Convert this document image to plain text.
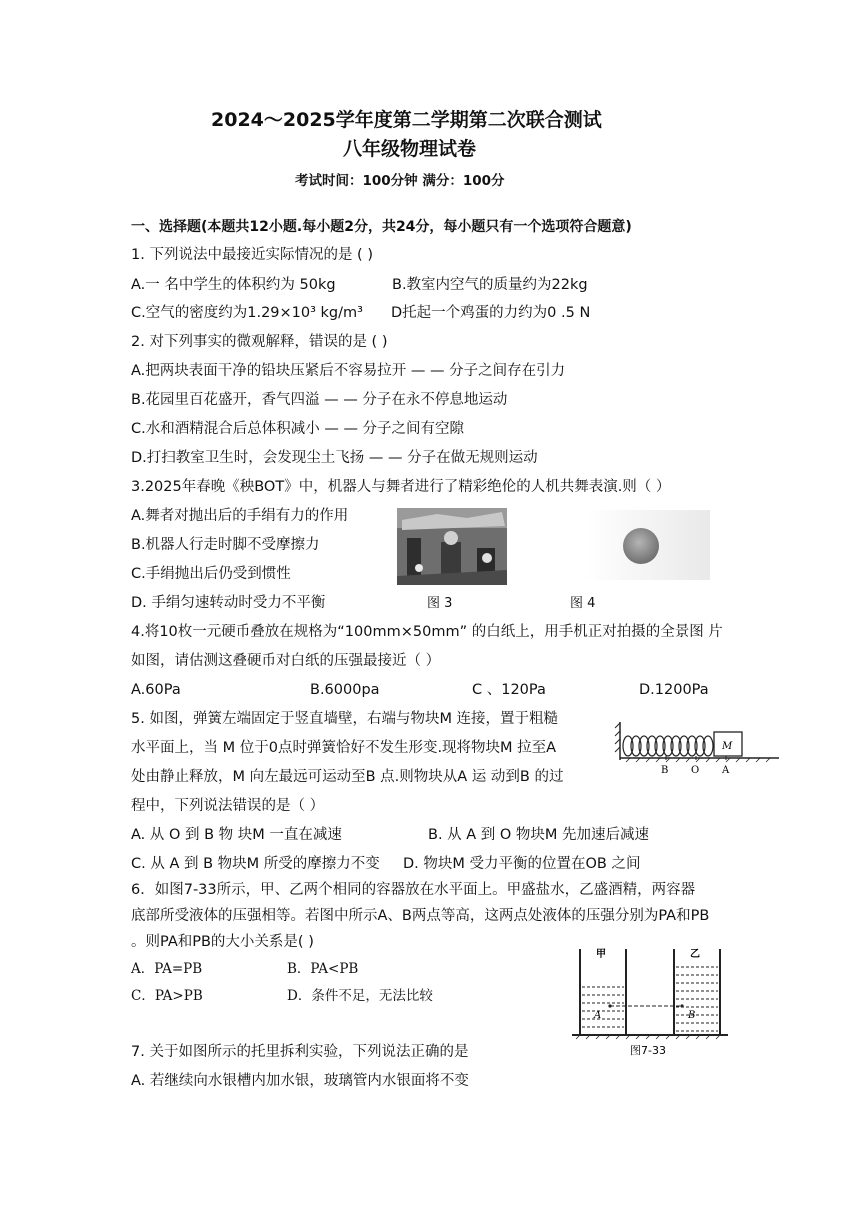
2024～2025学年度第二学期第二次联合测试
八年级物理试卷
考试时间：100分钟 满分：100分
一、选择题(本题共12小题.每小题2分，共24分，每小题只有一个选项符合题意)
1. 下列说法中最接近实际情况的是 ( )
A.一 名中学生的体积约为 50kg	B.教室内空气的质量约为22kg
C.空气的密度约为1.29×10³ kg/m³ D托起一个鸡蛋的力约为0 .5 N
2. 对下列事实的微观解释，错误的是 ( )
A.把两块表面干净的铅块压紧后不容易拉开 — — 分子之间存在引力
B.花园里百花盛开，香气四溢 — — 分子在永不停息地运动
C.水和酒精混合后总体积减小 — — 分子之间有空隙
D.打扫教室卫生时，会发现尘土飞扬 — — 分子在做无规则运动
3.2025年春晚《秧BOT》中，机器人与舞者进行了精彩绝伦的人机共舞表演.则（ ）
A.舞者对抛出后的手绢有力的作用
B.机器人行走时脚不受摩擦力
C.手绢抛出后仍受到惯性
D. 手绢匀速转动时受力不平衡	图 3	图 4
4.将10枚一元硬币叠放在规格为“100mm×50mm” 的白纸上，用手机正对拍摄的全景图 片
如图，请估测这叠硬币对白纸的压强最接近（ ）
A.60Pa	B.6000pa	C 、120Pa	D.1200Pa
5. 如图，弹簧左端固定于竖直墙壁，右端与物块M 连接，置于粗糙
水平面上，当 M 位于0点时弹簧恰好不发生形变.现将物块M 拉至A
处由静止释放，M 向左最远可运动至B 点.则物块从A 运 动到B 的过
程中，下列说法错误的是（ ）
A. 从 O 到 B 物 块M 一直在减速	B. 从 A 到 O 物块M 先加速后减速
C. 从 A 到 B 物块M 所受的摩擦力不变 D. 物块M 受力平衡的位置在OB 之间
M
B O A
6．如图7-33所示，甲、乙两个相同的容器放在水平面上。甲盛盐水，乙盛酒精，两容器
底部所受液体的压强相等。若图中所示A、B两点等高，这两点处液体的压强分别为PA和PB
。则PA和PB的大小关系是( )
A．PA=PB	B．PA<PB
C．PA>PB	D．条件不足，无法比较
A	B
甲	乙
图7-33
7. 关于如图所示的托里拆利实验，下列说法正确的是
A. 若继续向水银槽内加水银，玻璃管内水银面将不变
